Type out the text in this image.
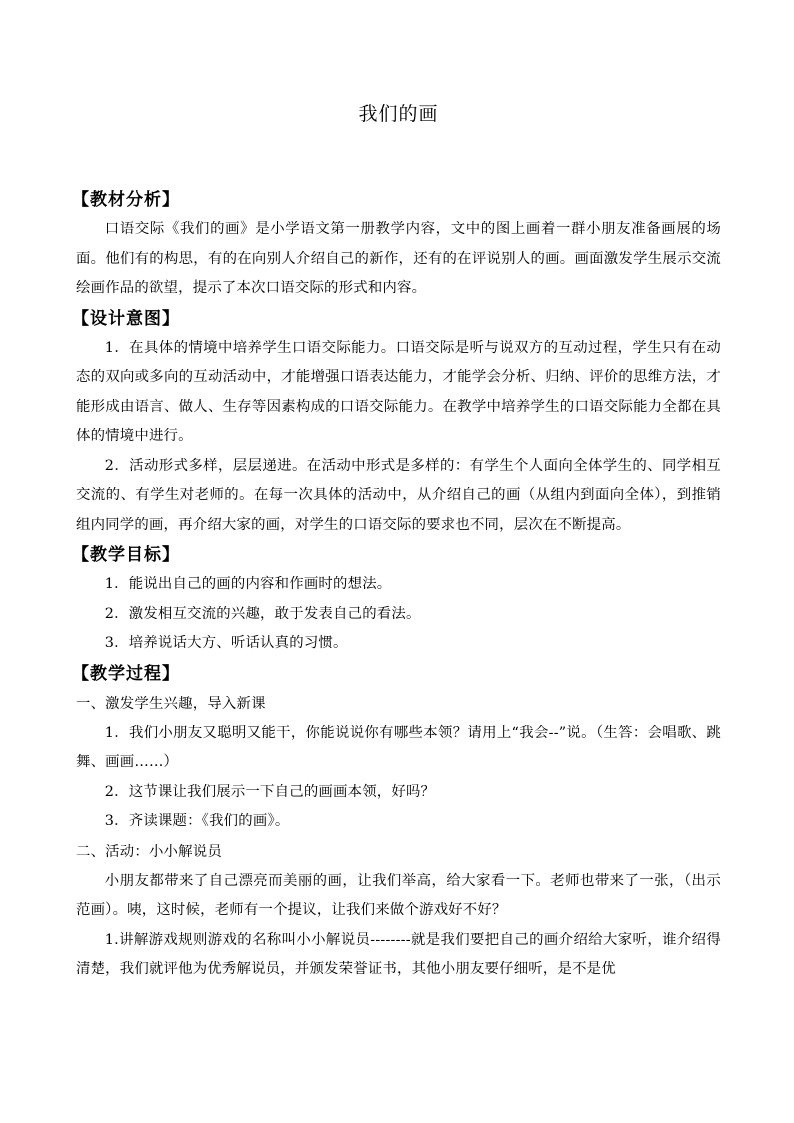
我们的画
【教材分析】

口语交际《我们的画》是小学语文第一册教学内容，文中的图上画着一群小朋友准备画展的场面。他们有的构思，有的在向别人介绍自己的新作，还有的在评说别人的画。画面激发学生展示交流绘画作品的欲望，提示了本次口语交际的形式和内容。

【设计意图】

1．在具体的情境中培养学生口语交际能力。口语交际是听与说双方的互动过程，学生只有在动态的双向或多向的互动活动中，才能增强口语表达能力，才能学会分析、归纳、评价的思维方法，才能形成由语言、做人、生存等因素构成的口语交际能力。在教学中培养学生的口语交际能力全都在具体的情境中进行。

2．活动形式多样，层层递进。在活动中形式是多样的：有学生个人面向全体学生的、同学相互交流的、有学生对老师的。在每一次具体的活动中，从介绍自己的画（从组内到面向全体），到推销组内同学的画，再介绍大家的画，对学生的口语交际的要求也不同，层次在不断提高。

【教学目标】

1．能说出自己的画的内容和作画时的想法。

2．激发相互交流的兴趣，敢于发表自己的看法。

3．培养说话大方、听话认真的习惯。

【教学过程】

一、激发学生兴趣，导入新课

1．我们小朋友又聪明又能干，你能说说你有哪些本领？请用上“我会--”说。（生答：会唱歌、跳舞、画画……）

2．这节课让我们展示一下自己的画画本领，好吗？

3．齐读课题：《我们的画》。

二、活动：小小解说员

小朋友都带来了自己漂亮而美丽的画，让我们举高，给大家看一下。老师也带来了一张，（出示范画）。咦，这时候，老师有一个提议，让我们来做个游戏好不好？

1.讲解游戏规则游戏的名称叫小小解说员--------就是我们要把自己的画介绍给大家听，谁介绍得清楚，我们就评他为优秀解说员，并颁发荣誉证书，其他小朋友要仔细听，是不是优
